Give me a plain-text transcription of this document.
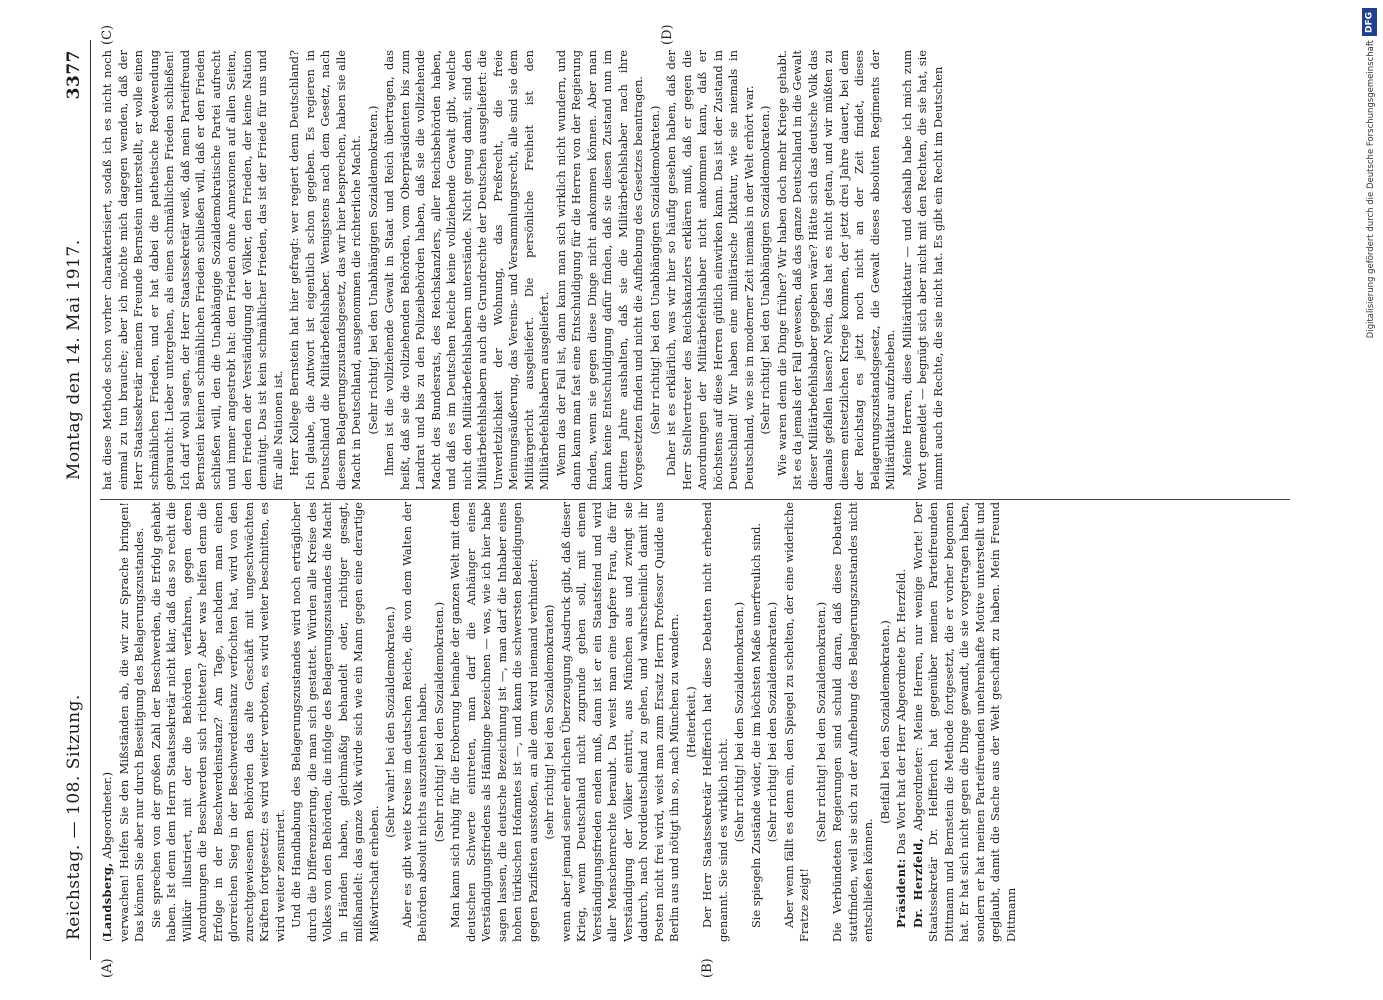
Reichstag. — 108. Sitzung.
Montag den 14. Mai 1917.
3377
(A)	(B)
(C)	(D)

(Landsberg, Abgeordneter.) verwachen! Helfen Sie den Mißständen ab, die wir zur Sprache bringen! Das können Sie aber nur durch Beseitigung des Belagerungszustandes. Sie sprechen von der großen Zahl der Beschwerden, die Erfolg gehabt haben. Ist denn dem Herrn Staatssekretär nicht klar, daß das so recht die Willkür illustriert, mit der die Behörden verfahren, gegen deren Anordnungen die Beschwerden sich richteten? Aber was helfen denn die Erfolge in der Beschwerdeinstanz? Am Tage, nachdem man einen glorreichen Sieg in der Beschwerdeinstanz verfochten hat, wird von den zurechtgewiesenen Behörden das alte Geschäft mit ungeschwächten Kräften fortgesetzt: es wird weiter verboten, es wird weiter beschnitten, es wird weiter zensuriert. Und die Handhabung des Belagerungszustandes wird noch erträglicher durch die Differenzierung, die man sich gestattet. Würden alle Kreise des Volkes von den Behörden, die infolge des Belagerungszustandes die Macht in Händen haben, gleichmäßig behandelt oder, richtiger gesagt, mißhandelt: das ganze Volk würde sich wie ein Mann gegen eine derartige Mißwirtschaft erheben.

(Sehr wahr! bei den Sozialdemokraten.) Aber es gibt weite Kreise im deutschen Reiche, die von dem Walten der Behörden absolut nichts auszustehen haben. (Sehr richtig! bei den Sozialdemokraten.) Man kann sich ruhig für die Eroberung beinahe der ganzen Welt mit dem deutschen Schwerte eintreten, man darf die Anhänger eines Verständigungsfriedens als Hämlinge bezeichnen — was, wie ich hier habe sagen lassen, die deutsche Bezeichnung ist —, man darf die Inhaber eines hohen türkischen Hofamtes ist —, und kann die schwersten Beleidigungen gegen Pazifisten ausstoßen, an alle dem wird niemand verhindert: (sehr richtig! bei den Sozialdemokraten) wenn aber jemand seiner ehrlichen Überzeugung Ausdruck gibt, daß dieser Krieg, wenn Deutschland nicht zugrunde gehen soll, mit einem Verständigungsfrieden enden muß, dann ist er ein Staatsfeind und wird aller Menschenrechte beraubt. Da weist man eine tapfere Frau, die für Verständigung der Völker eintritt, aus München aus und zwingt sie dadurch, nach Norddeutschland zu gehen, und wahrscheinlich damit ihr Posten nicht frei wird, weist man zum Ersatz Herrn Professor Quidde aus Berlin aus und nötigt ihn so, nach München zu wandern. (Heiterkeit.) Der Herr Staatssekretär Helfferich hat diese Debatten nicht erhebend genannt. Sie sind es wirklich nicht. (Sehr richtig! bei den Sozialdemokraten.) Sie spiegeln Zustände wider, die im höchsten Maße unerfreulich sind. (Sehr richtig! bei den Sozialdemokraten.) Aber wenn fällt es denn ein, den Spiegel zu schelten, der eine widerliche Fratze zeigt!

(Sehr richtig! bei den Sozialdemokraten.) Die Verbündeten Regierungen sind schuld daran, daß diese Debatten stattfinden, weil sie sich zu der Aufhebung des Belagerungszustandes nicht entschließen können.

(Beifall bei den Sozialdemokraten.)

Präsident: Das Wort hat der Herr Abgeordnete Dr. Herzfeld.

Dr. Herzfeld, Abgeordneter: Meine Herren, nur wenige Worte! Der Staatssekretär Dr. Helfferich hat gegenüber meinen Parteifreunden Dittmann und Bernstein die Methode fortgesetzt, die er vorher begonnen hat. Er hat sich nicht gegen die Dinge gewandt, die sie vorgetragen haben, sondern er hat meinen Parteifreunden unehrenhafte Motive unterstellt und geglaubt, damit die Sache aus der Welt geschafft zu haben. Mein Freund Dittmann

hat diese Methode schon vorher charakterisiert, sodaß ich es nicht noch einmal zu tun brauche; aber ich möchte mich dagegen wenden, daß der Herr Staatssekretär meinem Freunde Bernstein unterstellt, er wolle einen schmählichen Frieden, und er hat dabei die pathetische Redewendung gebraucht: Lieber untergehen, als einen schmählichen Frieden schließen! Ich darf wohl sagen, der Herr Staatssekretär weiß, daß mein Parteifreund Bernstein keinen schmählichen Frieden schließen will, daß er den Frieden schließen will, den die Unabhängige Sozialdemokratische Partei aufrecht und immer angestrebt hat: den Frieden ohne Annexionen auf allen Seiten, den Frieden der Verständigung der Völker, den Frieden, der keine Nation demütigt. Das ist kein schmählicher Frieden, das ist der Friede für uns und für alle Nationen ist. Herr Kollege Bernstein hat hier gefragt: wer regiert denn Deutschland? Ich glaube, die Antwort ist eigentlich schon gegeben. Es regieren in Deutschland die Militärbefehlshaber. Wenigstens nach dem Gesetz, nach diesem Belagerungszustandsgesetz, das wir hier besprechen, haben sie alle Macht in Deutschland, ausgenommen die richterliche Macht. (Sehr richtig! bei den Unabhängigen Sozialdemokraten.) Ihnen ist die vollziehende Gewalt in Staat und Reich übertragen, das heißt, daß sie die vollziehenden Behörden, vom Oberpräsidenten bis zum Landrat und bis zu den Polizeibehörden haben, daß sie die vollziehende Macht des Bundesrats, des Reichskanzlers, aller Reichsbehörden haben, und daß es im Deutschen Reiche keine vollziehende Gewalt gibt, welche nicht den Militärbefehlshabern unterstände. Nicht genug damit, sind den Militärbefehlshabern auch die Grundrechte der Deutschen ausgeliefert: die Unverletzlichkeit der Wohnung, das Preßrecht, die freie Meinungsäußerung, das Vereins- und Versammlungsrecht, alle sind sie dem Militärgericht ausgeliefert. Die persönliche Freiheit ist den Militärbefehlshabern ausgeliefert. Wenn das der Fall ist, dann kann man sich wirklich nicht wundern, und dann kann man fast eine Entschuldigung für die Herren von der Regierung finden, wenn sie gegen diese Dinge nicht ankommen können. Aber man kann keine Entschuldigung dafür finden, daß sie diesen Zustand nun im dritten Jahre aushalten, daß sie die Militärbefehlshaber nach ihre Vorgesetzten finden und nicht die Aufhebung des Gesetzes beantragen. (Sehr richtig! bei den Unabhängigen Sozialdemokraten.) Daher ist es erklärlich, was wir hier so häufig gesehen haben, daß der Herr Stellvertreter des Reichskanzlers erklären muß, daß er gegen die Anordnungen der Militärbefehlshaber nicht ankommen kann, daß er höchstens auf diese Herren gütlich einwirken kann. Das ist der Zustand in Deutschland! Wir haben eine militärische Diktatur, wie sie niemals in Deutschland, wie sie in moderner Zeit niemals in der Welt erhört war. (Sehr richtig! bei den Unabhängigen Sozialdemokraten.) Wie waren denn die Dinge früher? Wir haben doch mehr Kriege gehabt. Ist es da jemals der Fall gewesen, daß das ganze Deutschland in die Gewalt dieser Militärbefehlshaber gegeben wäre? Hätte sich das deutsche Volk das damals gefallen lassen? Nein, das hat es nicht getan, und wir müßten zu diesem entsetzlichen Kriege kommen, der jetzt drei Jahre dauert, bei dem der Reichstag es jetzt noch nicht an der Zeit findet, dieses Belagerungszustandsgesetz, die Gewalt dieses absoluten Regiments der Militärdiktatur aufzuheben. Meine Herren, diese Militärdiktatur — und deshalb habe ich mich zum Wort gemeldet — begnügt sich aber nicht mit den Rechten, die sie hat, sie nimmt auch die Rechte, die sie nicht hat. Es gibt ein Recht im Deutschen

DFG
Digitalisierung gefördert durch die Deutsche Forschungsgemeinschaft
